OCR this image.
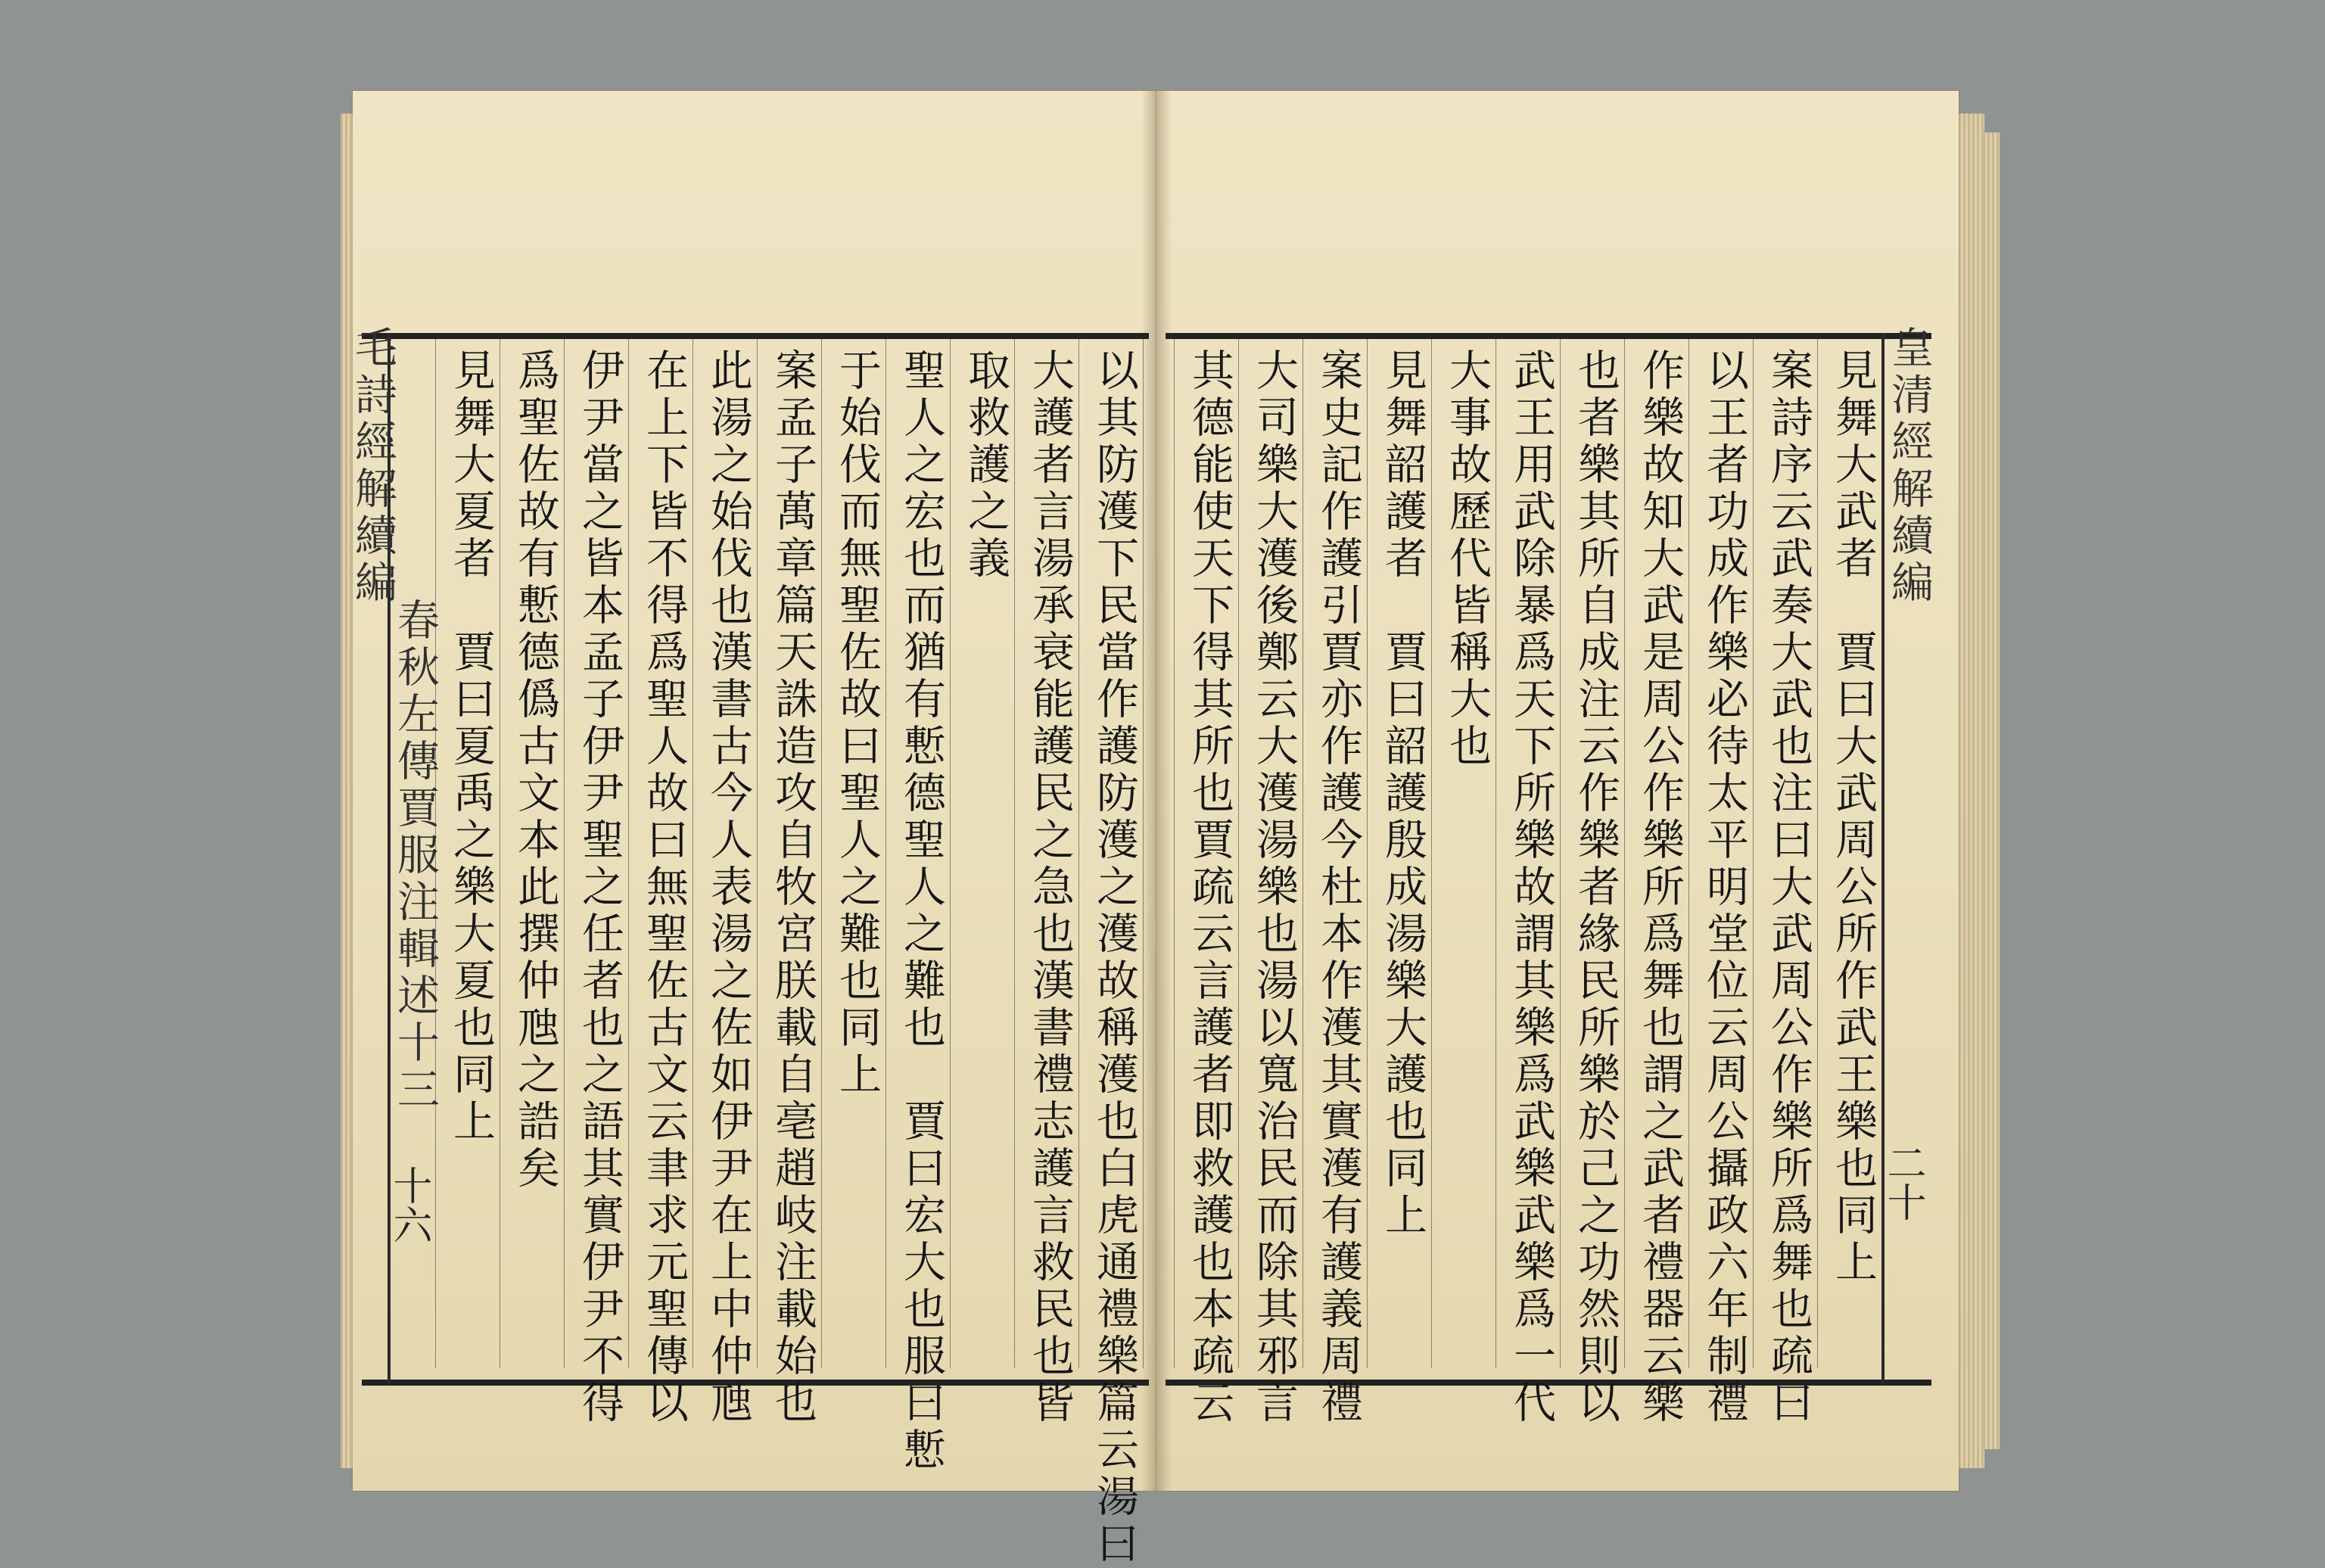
毛詩經解續編
春秋左傳賈服注輯述十三
十六
皇清經解續編
二十
見舞大武者　賈曰大武周公所作武王樂也同上
案詩序云武奏大武也注曰大武周公作樂所爲舞也疏曰
以王者功成作樂必待太平明堂位云周公攝政六年制禮
作樂故知大武是周公作樂所爲舞也謂之武者禮器云樂
也者樂其所自成注云作樂者緣民所樂於己之功然則以
武王用武除暴爲天下所樂故謂其樂爲武樂武樂爲一代
大事故歷代皆稱大也
見舞韶護者　賈曰韶護殷成湯樂大護也同上
案史記作護引賈亦作護今杜本作濩其實濩有護義周禮
大司樂大濩後鄭云大濩湯樂也湯以寬治民而除其邪言
其德能使天下得其所也賈疏云言護者即救護也本疏云
以其防濩下民當作護防濩之濩故稱濩也白虎通禮樂篇云湯曰
大護者言湯承衰能護民之急也漢書禮志護言救民也皆
取救護之義
聖人之宏也而猶有慙德聖人之難也　賈曰宏大也服曰慙
于始伐而無聖佐故曰聖人之難也同上
案孟子萬章篇天誅造攻自牧宮朕載自亳趙岐注載始也
此湯之始伐也漢書古今人表湯之佐如伊尹在上中仲虺
在上下皆不得爲聖人故曰無聖佐古文云聿求元聖傳以
伊尹當之皆本孟子伊尹聖之任者也之語其實伊尹不得
爲聖佐故有慙德僞古文本此撰仲虺之誥矣
見舞大夏者　賈曰夏禹之樂大夏也同上
